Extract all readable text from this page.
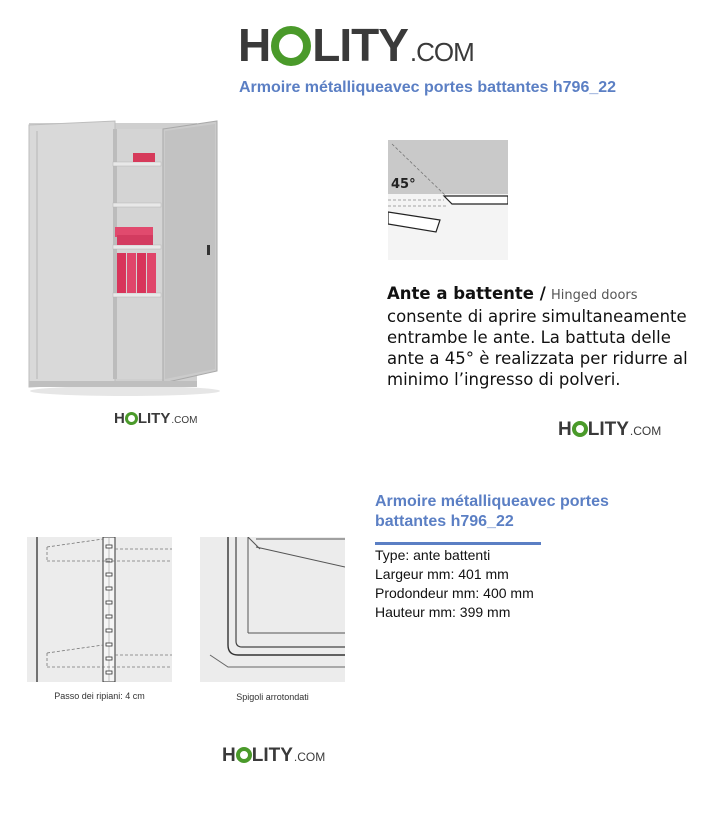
H LITY .COM
Armoire métalliqueavec portes battantes h796_22
H LITY .COM
45°
Ante a battente / Hinged doors
consente di aprire simultaneamente
entrambe le ante. La battuta delle
ante a 45° è realizzata per ridurre al
minimo l’ingresso di polveri.
H LITY .COM
Passo dei ripiani: 4 cm	Spigoli arrotondati
Armoire métalliqueavec portes battantes h796_22
Type: ante battenti
Largeur mm: 401 mm
Prodondeur mm: 400 mm
Hauteur mm: 399 mm
H LITY .COM
